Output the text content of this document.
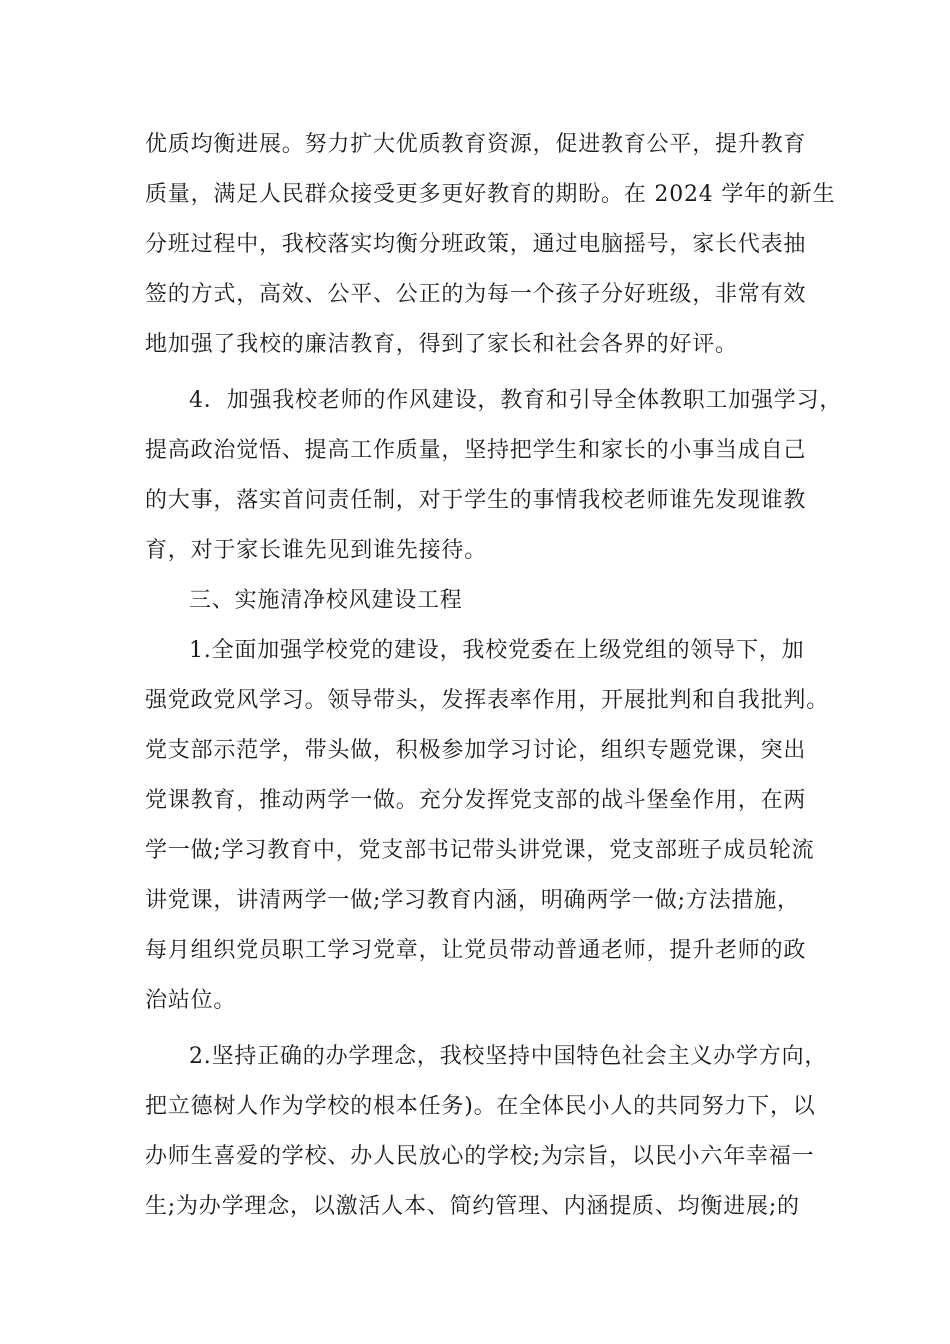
优质均衡进展。努力扩大优质教育资源，促进教育公平，提升教育
质量，满足人民群众接受更多更好教育的期盼。在 2024 学年的新生
分班过程中，我校落实均衡分班政策，通过电脑摇号，家长代表抽
签的方式，高效、公平、公正的为每一个孩子分好班级，非常有效
地加强了我校的廉洁教育，得到了家长和社会各界的好评。
4．加强我校老师的作风建设，教育和引导全体教职工加强学习，
提高政治觉悟、提高工作质量，坚持把学生和家长的小事当成自己
的大事，落实首问责任制，对于学生的事情我校老师谁先发现谁教
育，对于家长谁先见到谁先接待。
三、实施清净校风建设工程
1.全面加强学校党的建设，我校党委在上级党组的领导下，加
强党政党风学习。领导带头，发挥表率作用，开展批判和自我批判。
党支部示范学，带头做，积极参加学习讨论，组织专题党课，突出
党课教育，推动两学一做。充分发挥党支部的战斗堡垒作用，在两
学一做;学习教育中，党支部书记带头讲党课，党支部班子成员轮流
讲党课，讲清两学一做;学习教育内涵，明确两学一做;方法措施，
每月组织党员职工学习党章，让党员带动普通老师，提升老师的政
治站位。
2.坚持正确的办学理念，我校坚持中国特色社会主义办学方向，
把立德树人作为学校的根本任务)。在全体民小人的共同努力下，以
办师生喜爱的学校、办人民放心的学校;为宗旨，以民小六年幸福一
生;为办学理念，以激活人本、简约管理、内涵提质、均衡进展;的
